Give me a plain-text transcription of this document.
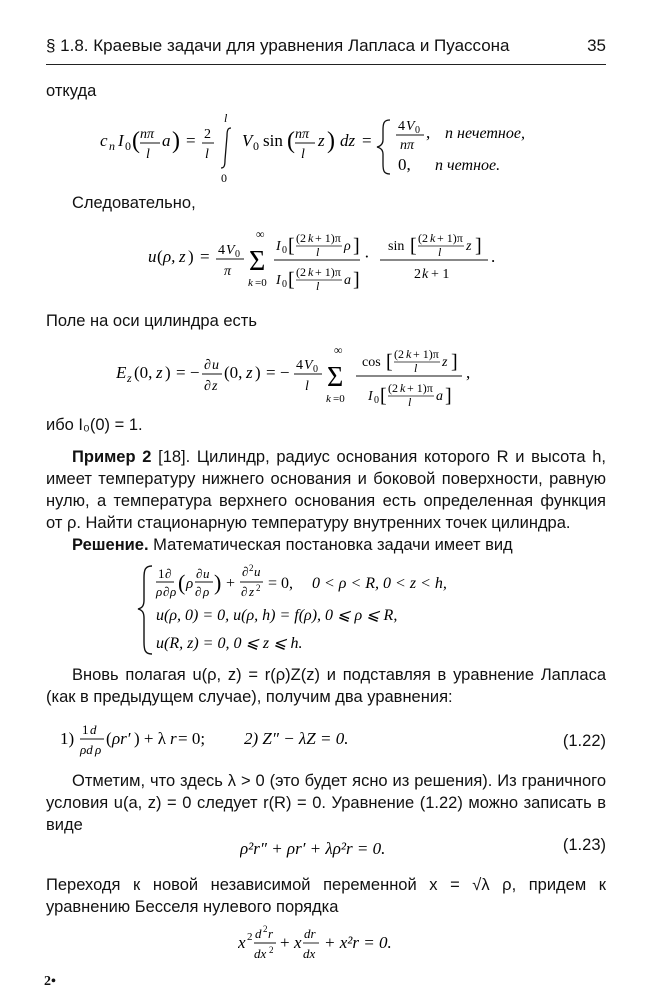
§ 1.8. Краевые задачи для уравнения Лапласа и Пуассона	35
откуда
c n I 0 ( nπ
l
a ) = 2
l
l
0
V 0 sin ( nπ
l
z ) dz =
4 V 0
nπ
,
0,
n нечетное,
n четное.
Следовательно,
u ( ρ, z ) = 4 V 0
π
∞
Σ
k =0
I 0 [ (2 k + 1)π
l ρ ]
I 0 [ (2 k + 1)π
l a ]
·
sin [ (2 k + 1)π
l z ]
2 k + 1
.
Поле на оси цилиндра есть
E z (0, z ) = − ∂ u
∂ z
(0, z ) = − 4 V 0
l
∞
Σ
k =0
cos [ (2 k + 1)π
l z ]
I 0 [ (2 k + 1)π
l a ]
,
ибо I₀(0) = 1.
Пример 2 [18]. Цилиндр, радиус основания которого R и высота h, имеет температуру нижнего основания и боковой поверхности, равную нулю, а температура верхнего основания есть определенная функция от ρ. Найти стационарную температуру внутренних точек цилиндра.
Решение. Математическая постановка задачи имеет вид
1 ∂
ρ ∂ ρ ( ρ
∂ u
∂ ρ ) +
∂ 2 u
∂ z 2 = 0, 0 < ρ < R, 0 < z < h,
u(ρ, 0) = 0, u(ρ, h) = f(ρ), 0 ⩽ ρ ⩽ R,
u(R, z) = 0, 0 ⩽ z ⩽ h.
Вновь полагая u(ρ, z) = r(ρ)Z(z) и подставляя в уравнение Лапласа (как в предыдущем случае), получим два уравнения:
1) 1 d
ρd ρ
( ρr′ ) + λ r = 0; 2) Z″ − λZ = 0.	(1.22)
Отметим, что здесь λ > 0 (это будет ясно из решения). Из граничного условия u(a, z) = 0 следует r(R) = 0. Уравнение (1.22) можно записать в виде
ρ²r″ + ρr′ + λρ²r = 0.	(1.23)
Переходя к новой независимой переменной x = √λ ρ, придем к уравнению Бесселя нулевого порядка
x 2 d 2 r
dx 2 + x dr
dx
+ x²r = 0.
2•
